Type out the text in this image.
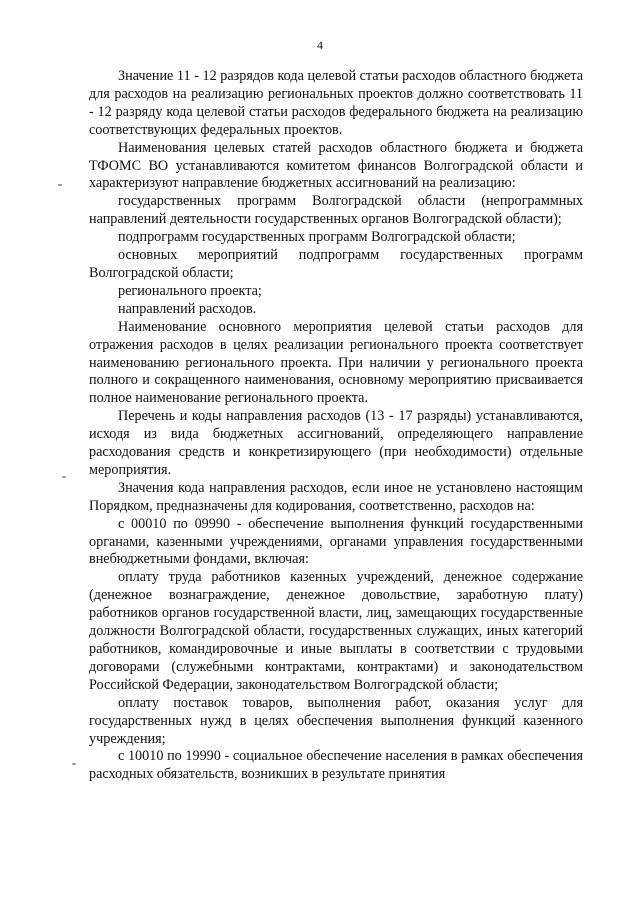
4

Значение 11 - 12 разрядов кода целевой статьи расходов областного бюджета для расходов на реализацию региональных проектов должно соответствовать 11 - 12 разряду кода целевой статьи расходов федерального бюджета на реализацию соответствующих федеральных проектов.

Наименования целевых статей расходов областного бюджета и бюджета ТФОМС ВО устанавливаются комитетом финансов Волгоградской области и характеризуют направление бюджетных ассигнований на реализацию:

государственных программ Волгоградской области (непрограммных направлений деятельности государственных органов Волгоградской области);

подпрограмм государственных программ Волгоградской области;

основных мероприятий подпрограмм государственных программ Волгоградской области;

регионального проекта;

направлений расходов.

Наименование основного мероприятия целевой статьи расходов для отражения расходов в целях реализации регионального проекта соответствует наименованию регионального проекта. При наличии у регионального проекта полного и сокращенного наименования, основному мероприятию присваивается полное наименование регионального проекта.

Перечень и коды направления расходов (13 - 17 разряды) устанавливаются, исходя из вида бюджетных ассигнований, определяющего направление расходования средств и конкретизирующего (при необходимости) отдельные мероприятия.

Значения кода направления расходов, если иное не установлено настоящим Порядком, предназначены для кодирования, соответственно, расходов на:

с 00010 по 09990 - обеспечение выполнения функций государственными органами, казенными учреждениями, органами управления государственными внебюджетными фондами, включая:

оплату труда работников казенных учреждений, денежное содержание (денежное вознаграждение, денежное довольствие, заработную плату) работников органов государственной власти, лиц, замещающих государственные должности Волгоградской области, государственных служащих, иных категорий работников, командировочные и иные выплаты в соответствии с трудовыми договорами (служебными контрактами, контрактами) и законодательством Российской Федерации, законодательством Волгоградской области;

оплату поставок товаров, выполнения работ, оказания услуг для государственных нужд в целях обеспечения выполнения функций казенного учреждения;

с 10010 по 19990 - социальное обеспечение населения в рамках обеспечения расходных обязательств, возникших в результате принятия
